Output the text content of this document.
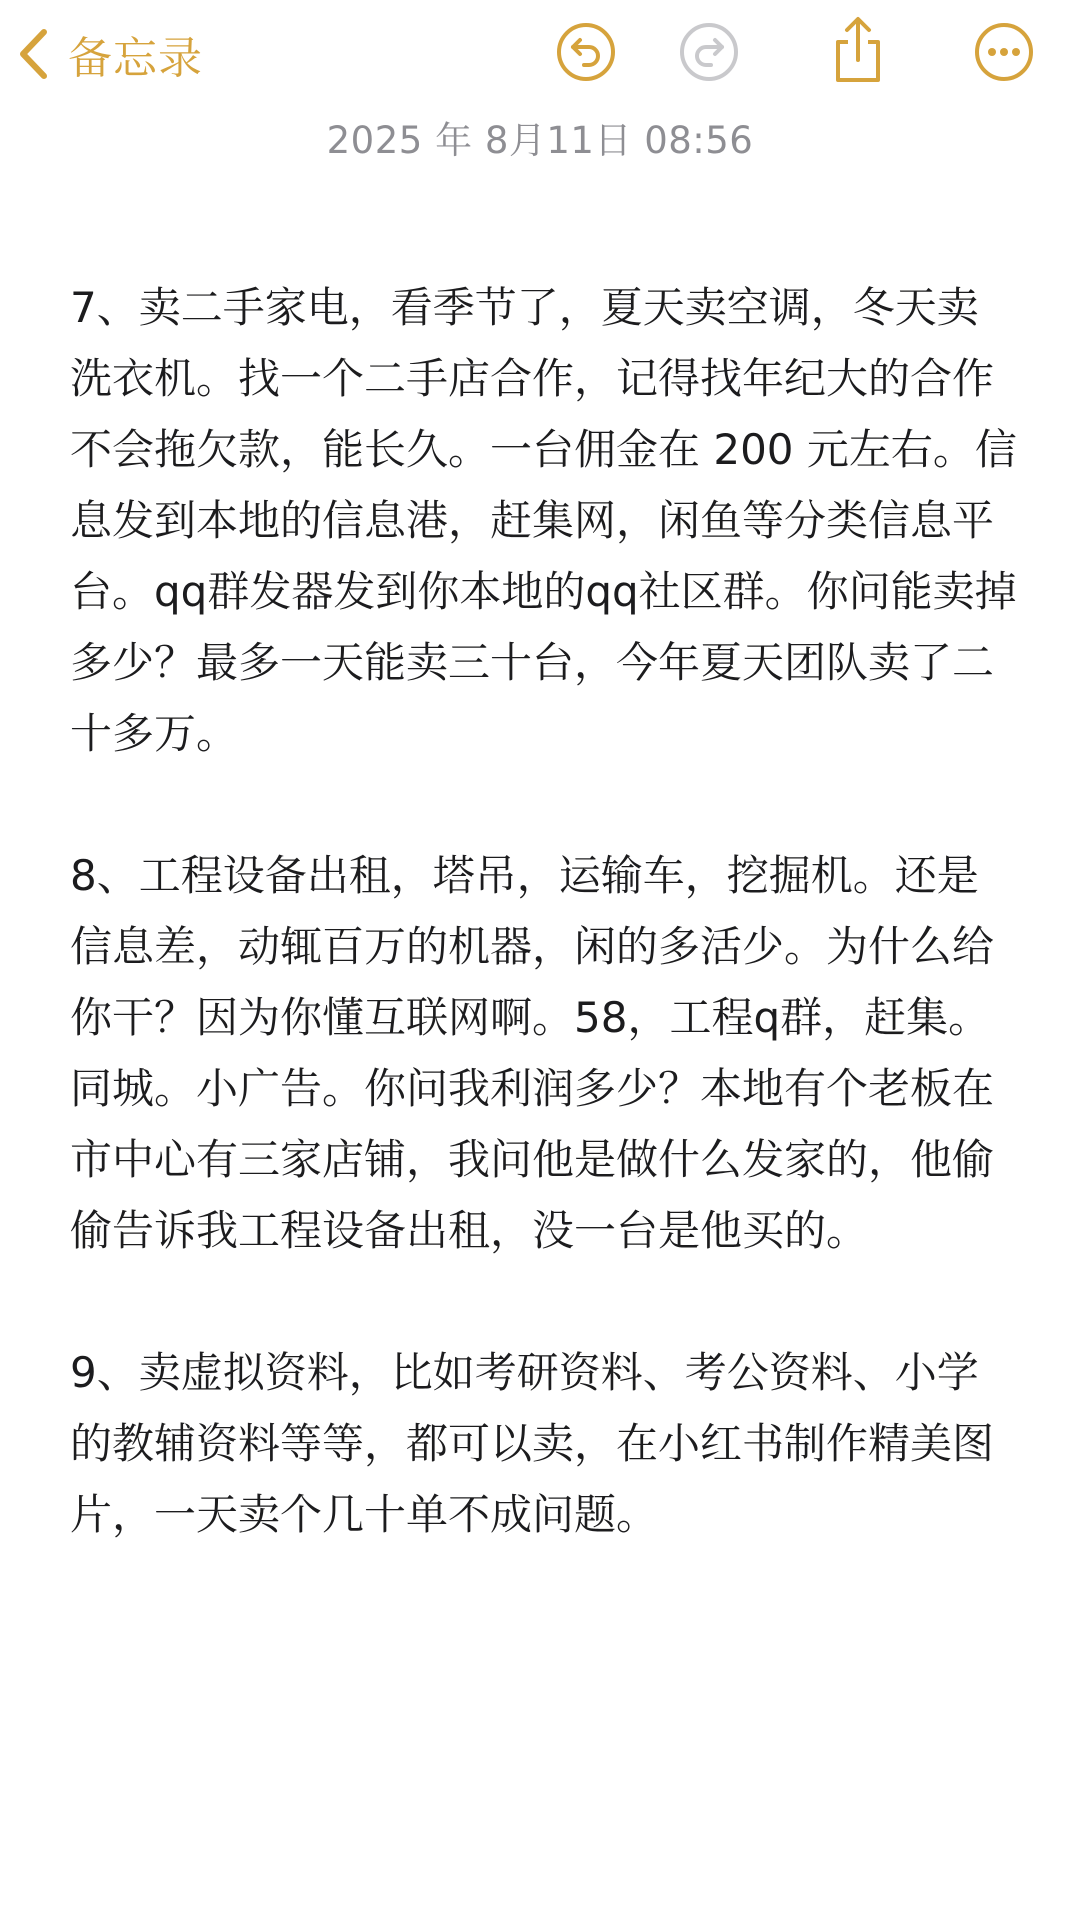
备忘录
2025 年 8月11日 08:56

7、卖二手家电，看季节了，夏天卖空调，冬天卖洗衣机。找一个二手店合作，记得找年纪大的合作不会拖欠款，能长久。一台佣金在 200 元左右。信息发到本地的信息港，赶集网，闲鱼等分类信息平台。qq群发器发到你本地的qq社区群。你问能卖掉多少？最多一天能卖三十台，今年夏天团队卖了二十多万。

8、工程设备出租，塔吊，运输车，挖掘机。还是信息差，动辄百万的机器，闲的多活少。为什么给你干？因为你懂互联网啊。58，工程q群，赶集。同城。小广告。你问我利润多少？本地有个老板在市中心有三家店铺，我问他是做什么发家的，他偷偷告诉我工程设备出租，没一台是他买的。

9、卖虚拟资料，比如考研资料、考公资料、小学的教辅资料等等，都可以卖，在小红书制作精美图片，一天卖个几十单不成问题。
